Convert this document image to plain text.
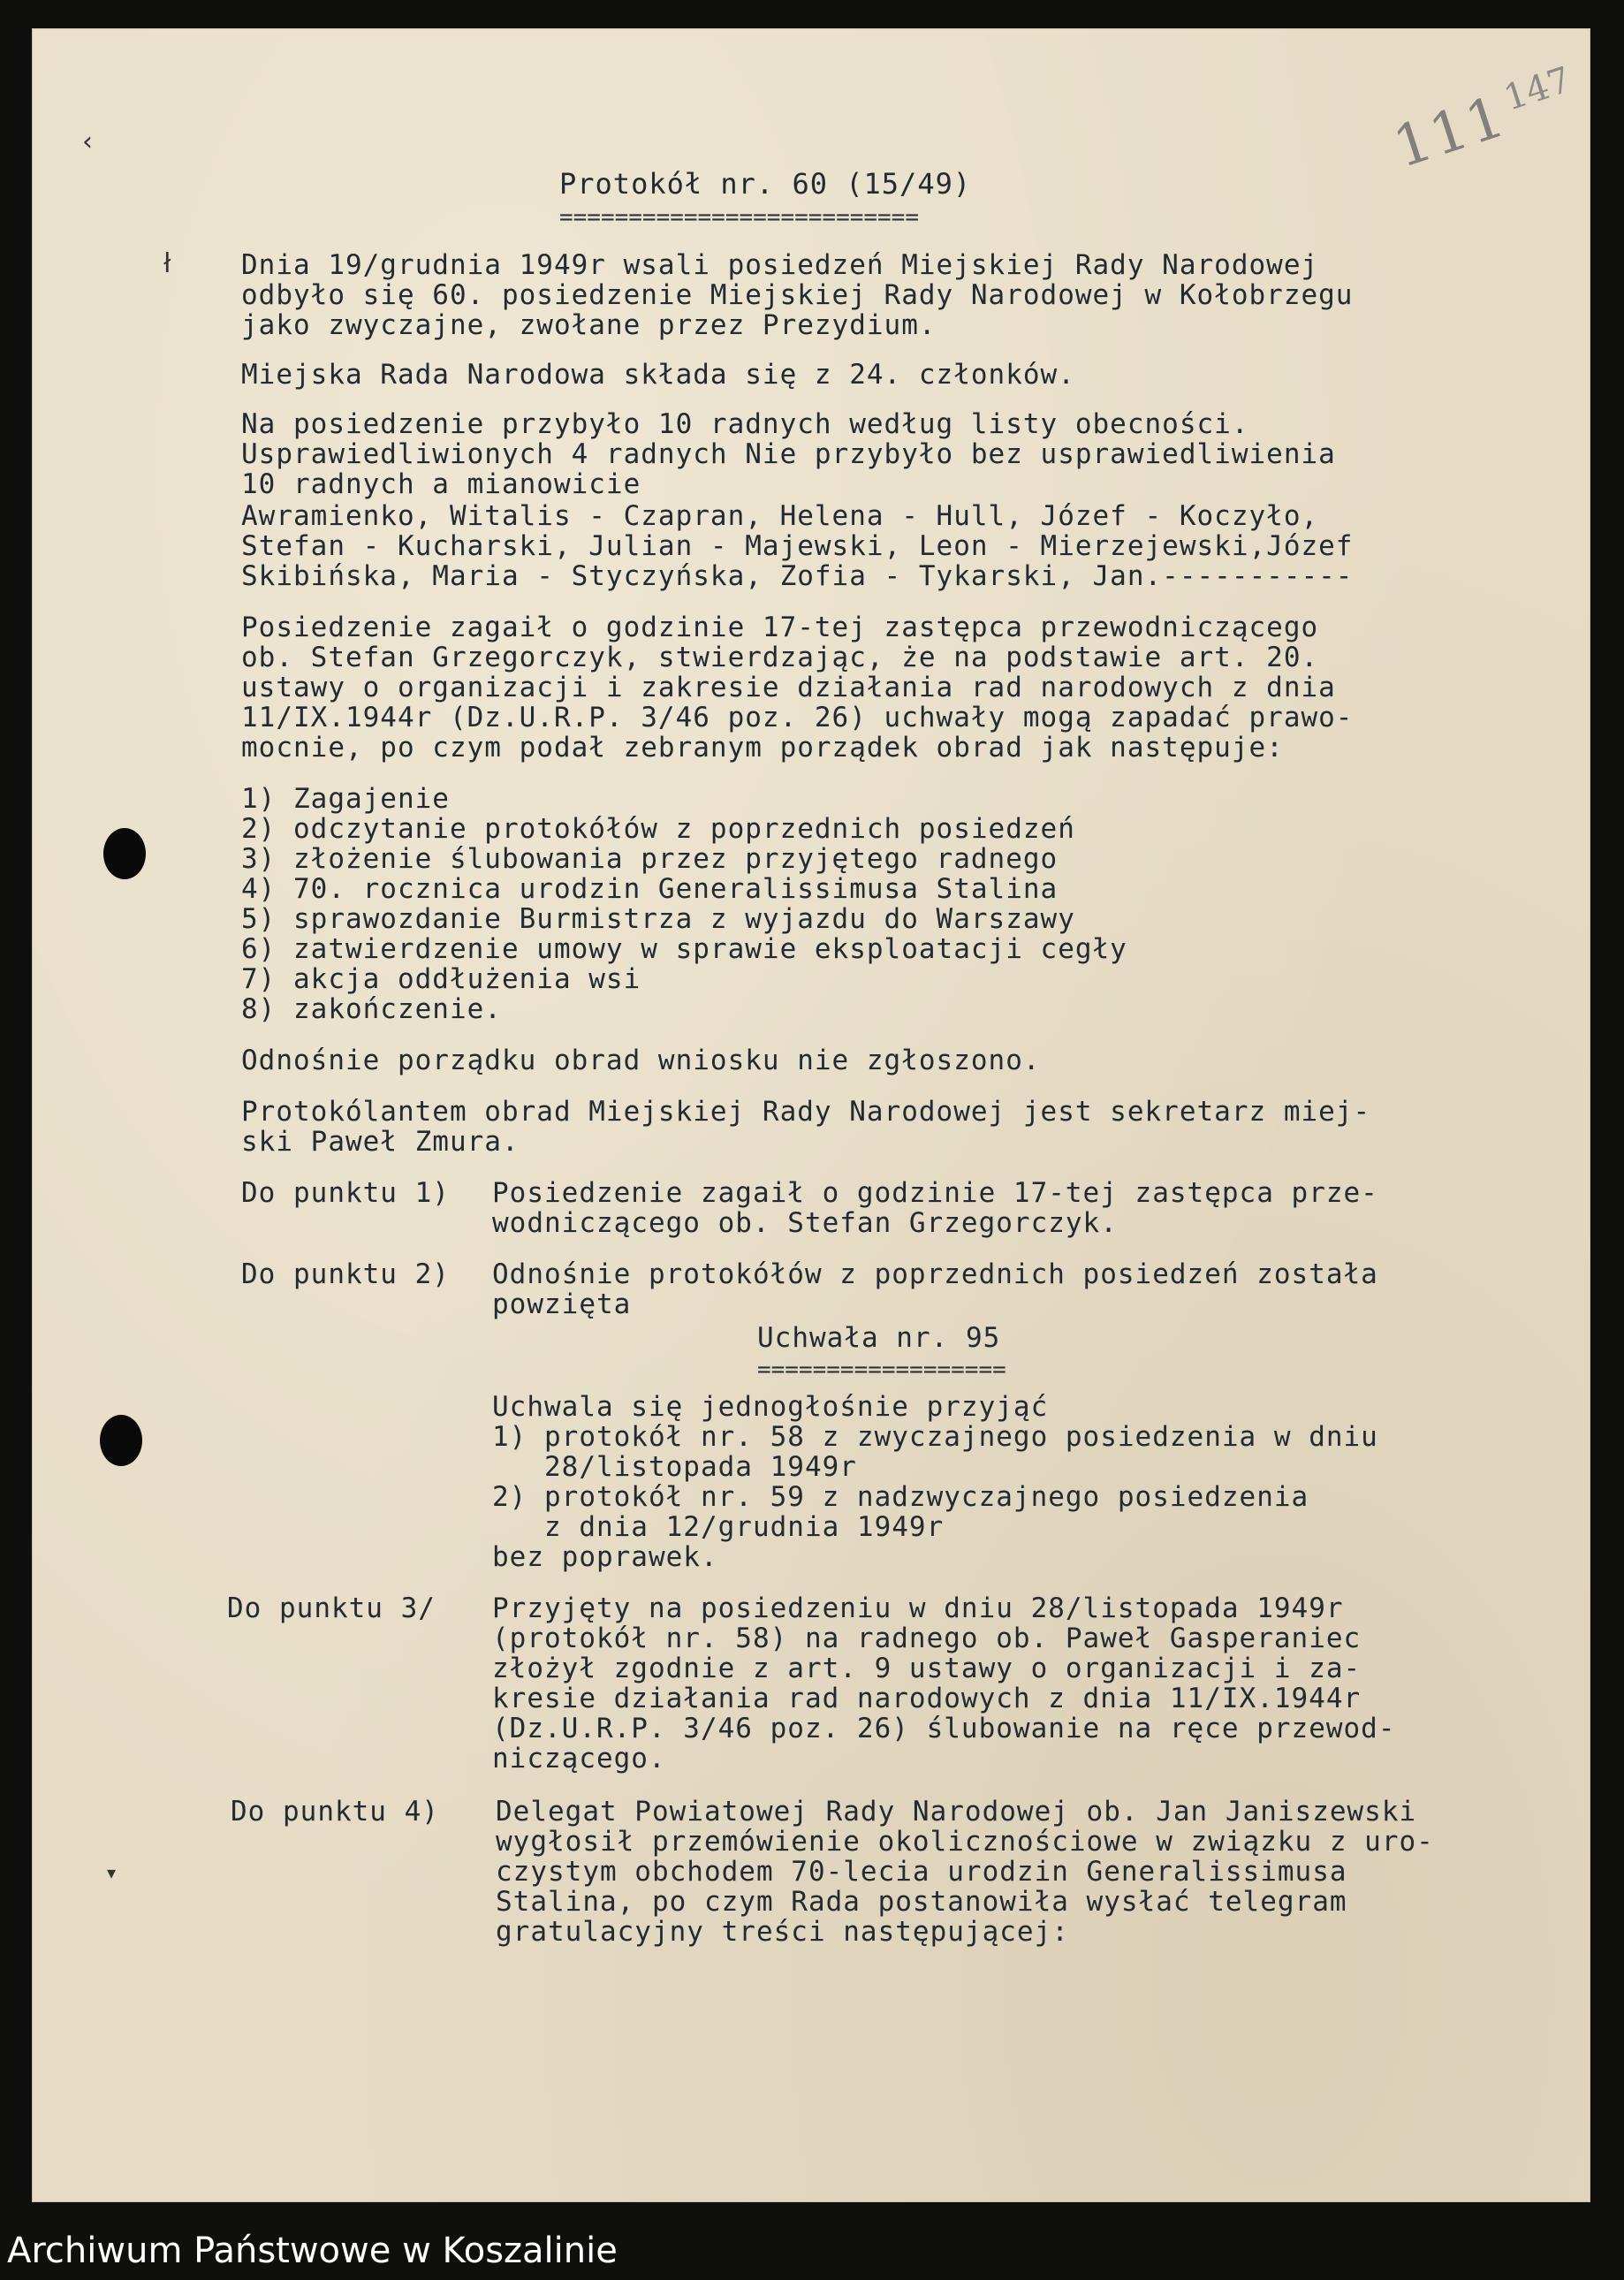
111
147
‹
ł
▾
Protokół nr. 60 (15/49)
==========================
Dnia 19/grudnia 1949r wsali posiedzeń Miejskiej Rady Narodowej
odbyło się 60. posiedzenie Miejskiej Rady Narodowej w Kołobrzegu
jako zwyczajne, zwołane przez Prezydium.
Miejska Rada Narodowa składa się z 24. członków.
Na posiedzenie przybyło 10 radnych według listy obecności.
Usprawiedliwionych 4 radnych Nie przybyło bez usprawiedliwienia
10 radnych a mianowicie
Awramienko, Witalis - Czapran, Helena - Hull, Józef - Koczyło,
Stefan - Kucharski, Julian - Majewski, Leon - Mierzejewski,Józef
Skibińska, Maria - Styczyńska, Zofia - Tykarski, Jan.-----------
Posiedzenie zagaił o godzinie 17-tej zastępca przewodniczącego
ob. Stefan Grzegorczyk, stwierdzając, że na podstawie art. 20.
ustawy o organizacji i zakresie działania rad narodowych z dnia
11/IX.1944r (Dz.U.R.P. 3/46 poz. 26) uchwały mogą zapadać prawo-
mocnie, po czym podał zebranym porządek obrad jak następuje:
1) Zagajenie
2) odczytanie protokółów z poprzednich posiedzeń
3) złożenie ślubowania przez przyjętego radnego
4) 70. rocznica urodzin Generalissimusa Stalina
5) sprawozdanie Burmistrza z wyjazdu do Warszawy
6) zatwierdzenie umowy w sprawie eksploatacji cegły
7) akcja oddłużenia wsi
8) zakończenie.
Odnośnie porządku obrad wniosku nie zgłoszono.
Protokólantem obrad Miejskiej Rady Narodowej jest sekretarz miej-
ski Paweł Zmura.
Do punktu 1) Posiedzenie zagaił o godzinie 17-tej zastępca prze-
wodniczącego ob. Stefan Grzegorczyk.
Do punktu 2) Odnośnie protokółów z poprzednich posiedzeń została
powzięta
Uchwała nr. 95
==================
Uchwala się jednogłośnie przyjąć
1) protokół nr. 58 z zwyczajnego posiedzenia w dniu
28/listopada 1949r
2) protokół nr. 59 z nadzwyczajnego posiedzenia
z dnia 12/grudnia 1949r
bez poprawek.
Do punktu 3/ Przyjęty na posiedzeniu w dniu 28/listopada 1949r
(protokół nr. 58) na radnego ob. Paweł Gasperaniec
złożył zgodnie z art. 9 ustawy o organizacji i za-
kresie działania rad narodowych z dnia 11/IX.1944r
(Dz.U.R.P. 3/46 poz. 26) ślubowanie na ręce przewod-
niczącego.
Do punktu 4) Delegat Powiatowej Rady Narodowej ob. Jan Janiszewski
wygłosił przemówienie okolicznościowe w związku z uro-
czystym obchodem 70-lecia urodzin Generalissimusa
Stalina, po czym Rada postanowiła wysłać telegram
gratulacyjny treści następującej:
Archiwum Państwowe w Koszalinie
